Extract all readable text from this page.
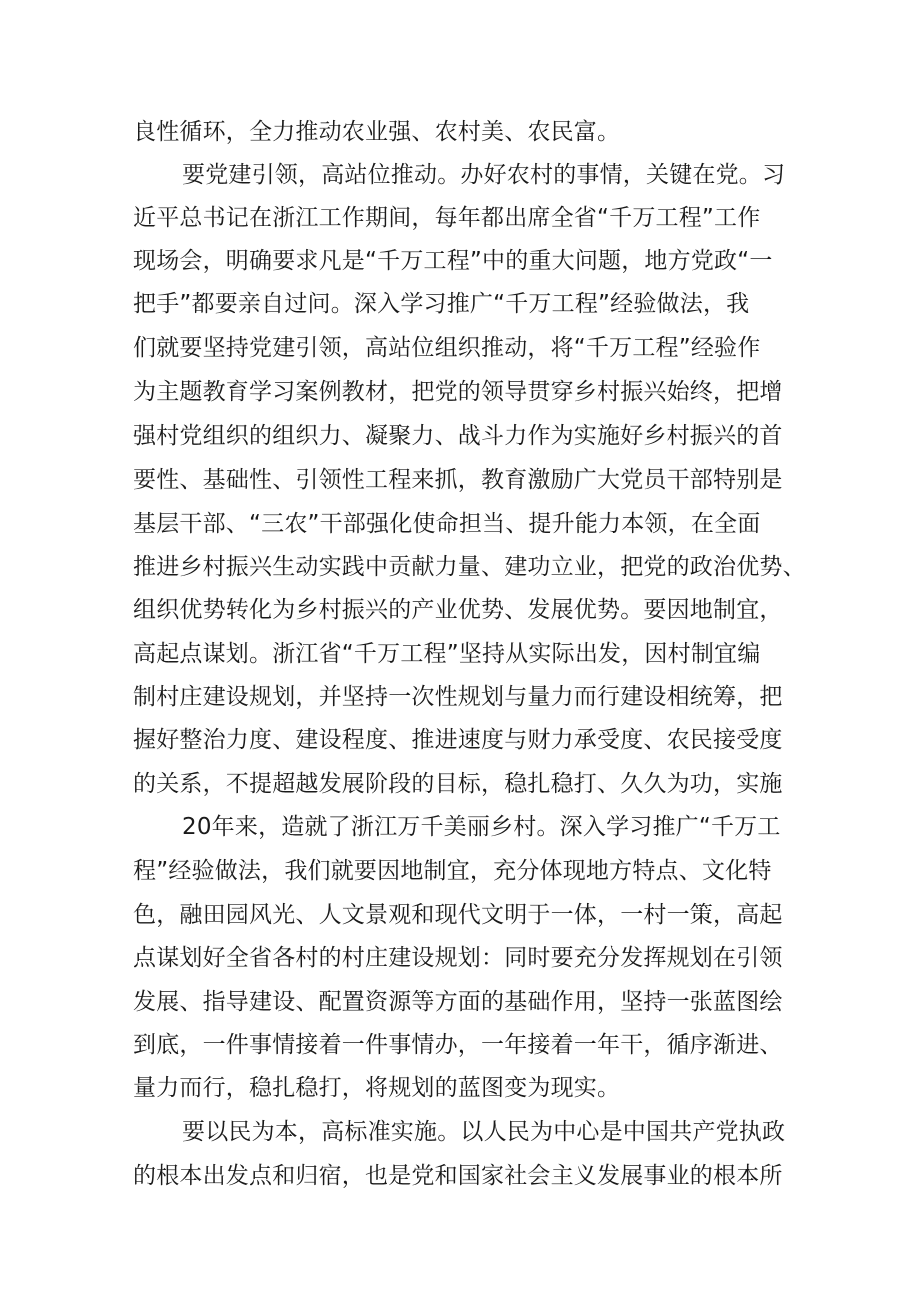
良性循环，全力推动农业强、农村美、农民富。
要党建引领，高站位推动。办好农村的事情，关键在党。习
近平总书记在浙江工作期间，每年都出席全省“千万工程”工作
现场会，明确要求凡是“千万工程”中的重大问题，地方党政“一
把手”都要亲自过问。深入学习推广“千万工程”经验做法，我
们就要坚持党建引领，高站位组织推动，将“千万工程”经验作
为主题教育学习案例教材，把党的领导贯穿乡村振兴始终，把增
强村党组织的组织力、凝聚力、战斗力作为实施好乡村振兴的首
要性、基础性、引领性工程来抓，教育激励广大党员干部特别是
基层干部、“三农”干部强化使命担当、提升能力本领，在全面
推进乡村振兴生动实践中贡献力量、建功立业，把党的政治优势、
组织优势转化为乡村振兴的产业优势、发展优势。要因地制宜，
高起点谋划。浙江省“千万工程”坚持从实际出发，因村制宜编
制村庄建设规划，并坚持一次性规划与量力而行建设相统筹，把
握好整治力度、建设程度、推进速度与财力承受度、农民接受度
的关系，不提超越发展阶段的目标，稳扎稳打、久久为功，实施
20年来，造就了浙江万千美丽乡村。深入学习推广“千万工
程”经验做法，我们就要因地制宜，充分体现地方特点、文化特
色，融田园风光、人文景观和现代文明于一体，一村一策，高起
点谋划好全省各村的村庄建设规划：同时要充分发挥规划在引领
发展、指导建设、配置资源等方面的基础作用，坚持一张蓝图绘
到底，一件事情接着一件事情办，一年接着一年干，循序渐进、
量力而行，稳扎稳打，将规划的蓝图变为现实。
要以民为本，高标准实施。以人民为中心是中国共产党执政
的根本出发点和归宿，也是党和国家社会主义发展事业的根本所
